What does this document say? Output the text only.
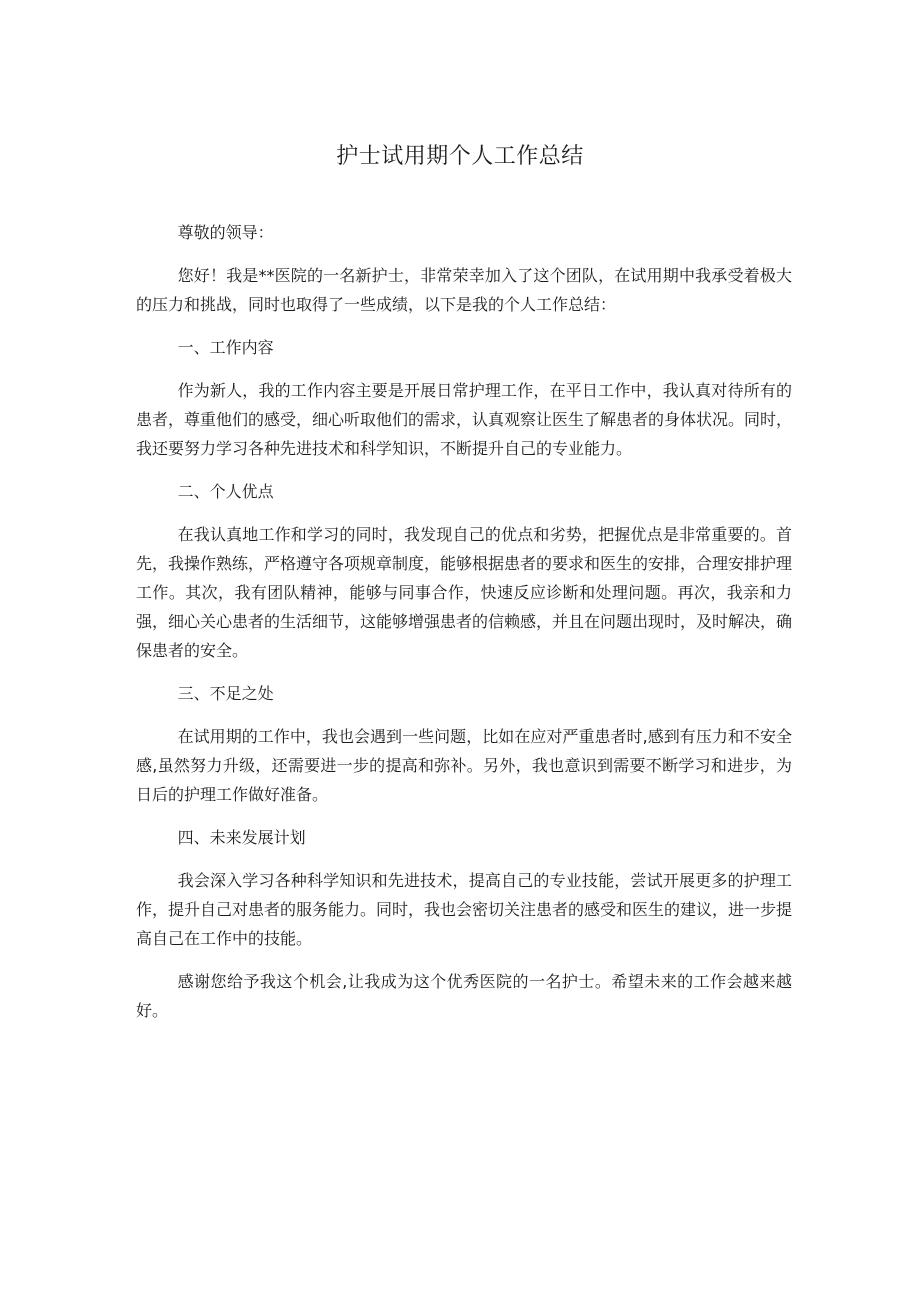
护士试用期个人工作总结

尊敬的领导：

您好！我是**医院的一名新护士，非常荣幸加入了这个团队，在试用期中我承受着极大的压力和挑战，同时也取得了一些成绩，以下是我的个人工作总结：

一、工作内容

作为新人，我的工作内容主要是开展日常护理工作，在平日工作中，我认真对待所有的患者，尊重他们的感受，细心听取他们的需求，认真观察让医生了解患者的身体状况。同时，我还要努力学习各种先进技术和科学知识，不断提升自己的专业能力。

二、个人优点

在我认真地工作和学习的同时，我发现自己的优点和劣势，把握优点是非常重要的。首先，我操作熟练，严格遵守各项规章制度，能够根据患者的要求和医生的安排，合理安排护理工作。其次，我有团队精神，能够与同事合作，快速反应诊断和处理问题。再次，我亲和力强，细心关心患者的生活细节，这能够增强患者的信赖感，并且在问题出现时，及时解决，确保患者的安全。

三、不足之处

在试用期的工作中，我也会遇到一些问题，比如在应对严重患者时,感到有压力和不安全感,虽然努力升级，还需要进一步的提高和弥补。另外，我也意识到需要不断学习和进步，为日后的护理工作做好准备。

四、未来发展计划

我会深入学习各种科学知识和先进技术，提高自己的专业技能，尝试开展更多的护理工作，提升自己对患者的服务能力。同时，我也会密切关注患者的感受和医生的建议，进一步提高自己在工作中的技能。

感谢您给予我这个机会,让我成为这个优秀医院的一名护士。希望未来的工作会越来越好。
